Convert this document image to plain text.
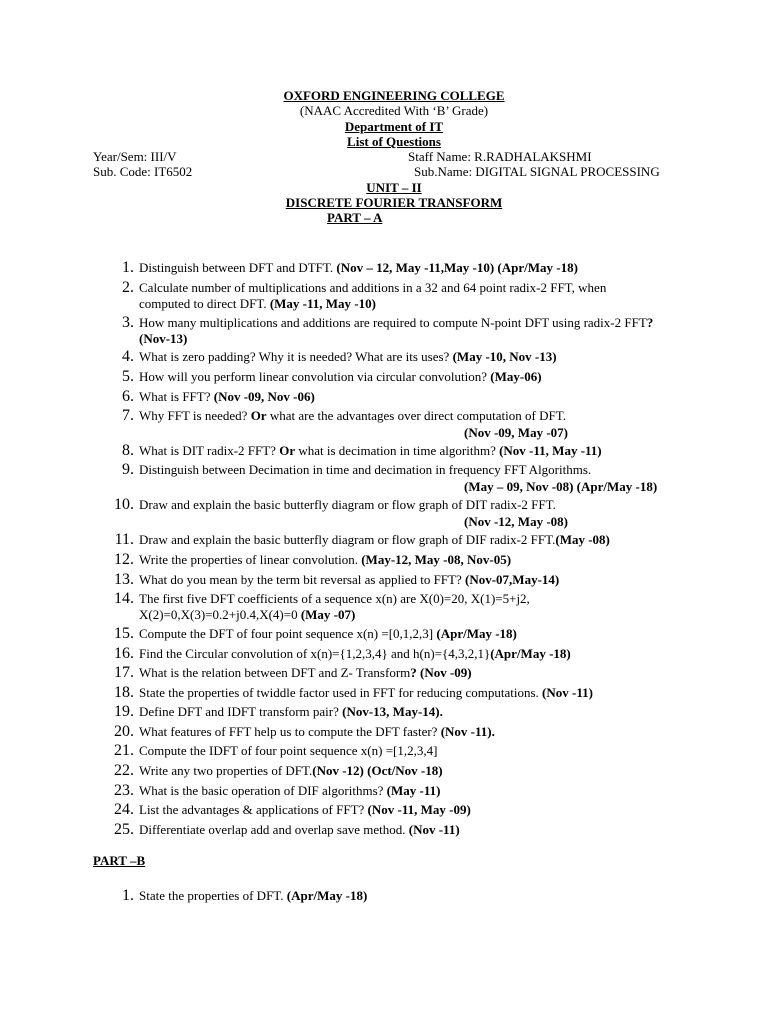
OXFORD ENGINEERING COLLEGE
(NAAC Accredited With ‘B’ Grade)
Department of IT
List of Questions
Year/Sem: III/V	Staff Name: R.RADHALAKSHMI
Sub. Code: IT6502	Sub.Name: DIGITAL SIGNAL PROCESSING
UNIT – II
DISCRETE FOURIER TRANSFORM
PART – A
1. Distinguish between DFT and DTFT. (Nov – 12, May -11,May -10) (Apr/May -18)
2. Calculate number of multiplications and additions in a 32 and 64 point radix-2 FFT, when computed to direct DFT. (May -11, May -10)
3. How many multiplications and additions are required to compute N-point DFT using radix-2 FFT? (Nov-13)
4. What is zero padding? Why it is needed? What are its uses? (May -10, Nov -13)
5. How will you perform linear convolution via circular convolution? (May-06)
6. What is FFT? (Nov -09, Nov -06)
7. Why FFT is needed? Or what are the advantages over direct computation of DFT.
(Nov -09, May -07)
8. What is DIT radix-2 FFT? Or what is decimation in time algorithm? (Nov -11, May -11)
9. Distinguish between Decimation in time and decimation in frequency FFT Algorithms.
(May – 09, Nov -08) (Apr/May -18)
10. Draw and explain the basic butterfly diagram or flow graph of DIT radix-2 FFT.
(Nov -12, May -08)
11. Draw and explain the basic butterfly diagram or flow graph of DIF radix-2 FFT.(May -08)
12. Write the properties of linear convolution. (May-12, May -08, Nov-05)
13. What do you mean by the term bit reversal as applied to FFT? (Nov-07,May-14)
14. The first five DFT coefficients of a sequence x(n) are X(0)=20, X(1)=5+j2, X(2)=0,X(3)=0.2+j0.4,X(4)=0 (May -07)
15. Compute the DFT of four point sequence x(n) =[0,1,2,3] (Apr/May -18)
16. Find the Circular convolution of x(n)={1,2,3,4} and h(n)={4,3,2,1}(Apr/May -18)
17. What is the relation between DFT and Z- Transform? (Nov -09)
18. State the properties of twiddle factor used in FFT for reducing computations. (Nov -11)
19. Define DFT and IDFT transform pair? (Nov-13, May-14).
20. What features of FFT help us to compute the DFT faster? (Nov -11).
21. Compute the IDFT of four point sequence x(n) =[1,2,3,4]
22. Write any two properties of DFT.(Nov -12) (Oct/Nov -18)
23. What is the basic operation of DIF algorithms? (May -11)
24. List the advantages & applications of FFT? (Nov -11, May -09)
25. Differentiate overlap add and overlap save method. (Nov -11)
PART –B
1. State the properties of DFT. (Apr/May -18)
